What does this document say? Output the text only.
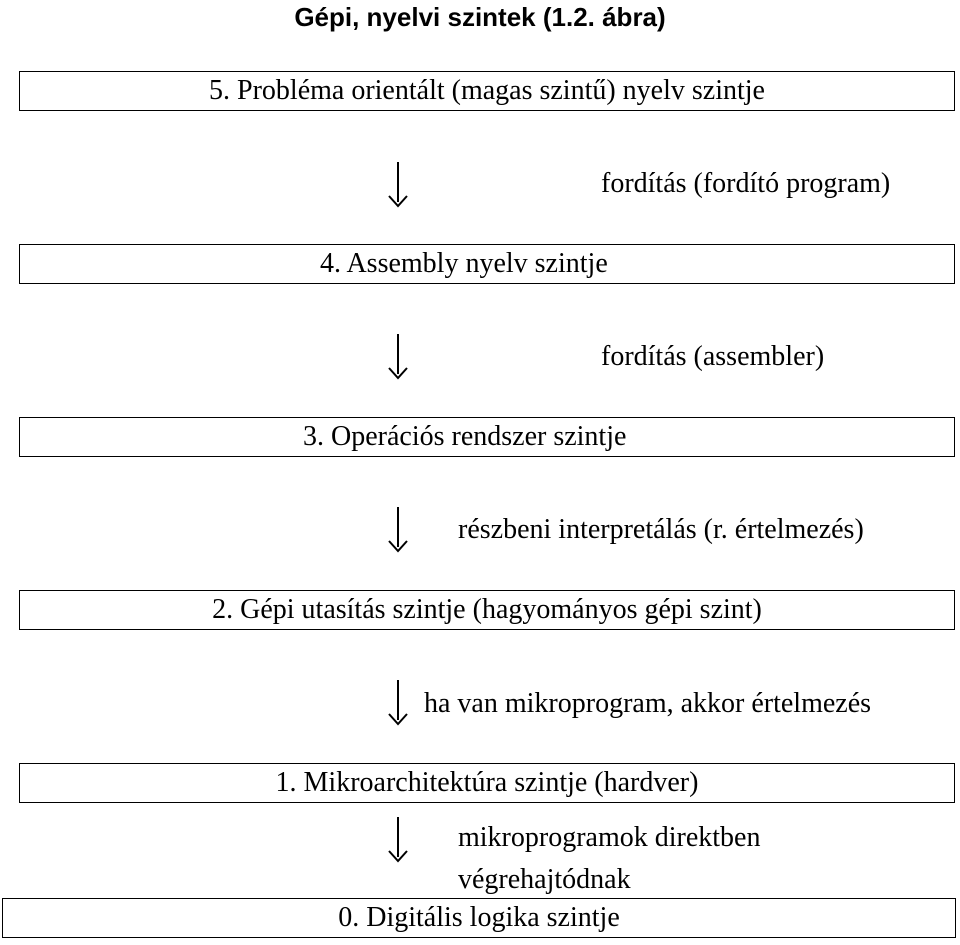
Gépi, nyelvi szintek (1.2. ábra)
5. Probléma orientált (magas szintű) nyelv szintje
fordítás (fordító program)
4. Assembly nyelv szintje
fordítás (assembler)
3. Operációs rendszer szintje
részbeni interpretálás (r. értelmezés)
2. Gépi utasítás szintje (hagyományos gépi szint)
ha van mikroprogram, akkor értelmezés
1. Mikroarchitektúra szintje (hardver)
mikroprogramok direktben
végrehajtódnak
0. Digitális logika szintje
